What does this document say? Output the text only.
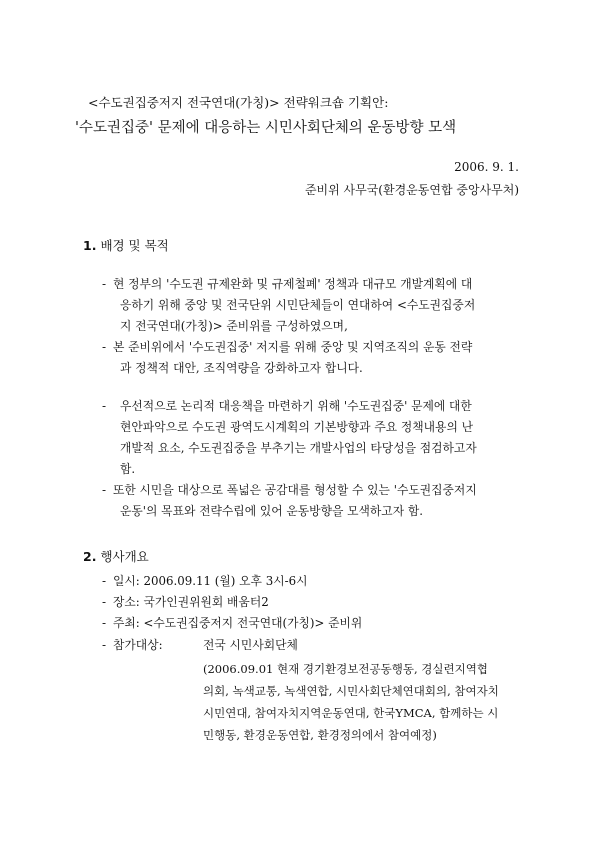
<수도권집중저지 전국연대(가칭)> 전략워크숍 기획안:
'수도권집중' 문제에 대응하는 시민사회단체의 운동방향 모색
2006. 9. 1.
준비위 사무국(환경운동연합 중앙사무처)
1. 배경 및 목적
- 현 정부의 '수도권 규제완화 및 규제철폐' 정책과 대규모 개발계획에 대
응하기 위해 중앙 및 전국단위 시민단체들이 연대하여 <수도권집중저
지 전국연대(가칭)> 준비위를 구성하였으며,
- 본 준비위에서 '수도권집중' 저지를 위해 중앙 및 지역조직의 운동 전략
과 정책적 대안, 조직역량을 강화하고자 합니다.
- 우선적으로 논리적 대응책을 마련하기 위해 '수도권집중' 문제에 대한
현안파악으로 수도권 광역도시계획의 기본방향과 주요 정책내용의 난
개발적 요소, 수도권집중을 부추기는 개발사업의 타당성을 점검하고자
함.
- 또한 시민을 대상으로 폭넓은 공감대를 형성할 수 있는 '수도권집중저지
운동'의 목표와 전략수립에 있어 운동방향을 모색하고자 함.
2. 행사개요
- 일시: 2006.09.11 (월) 오후 3시-6시
- 장소: 국가인권위원회 배움터2
- 주최: <수도권집중저지 전국연대(가칭)> 준비위
- 참가대상:	전국 시민사회단체
(2006.09.01 현재 경기환경보전공동행동, 경실련지역협
의회, 녹색교통, 녹색연합, 시민사회단체연대회의, 참여자치
시민연대, 참여자치지역운동연대, 한국YMCA, 함께하는 시
민행동, 환경운동연합, 환경정의에서 참여예정)
